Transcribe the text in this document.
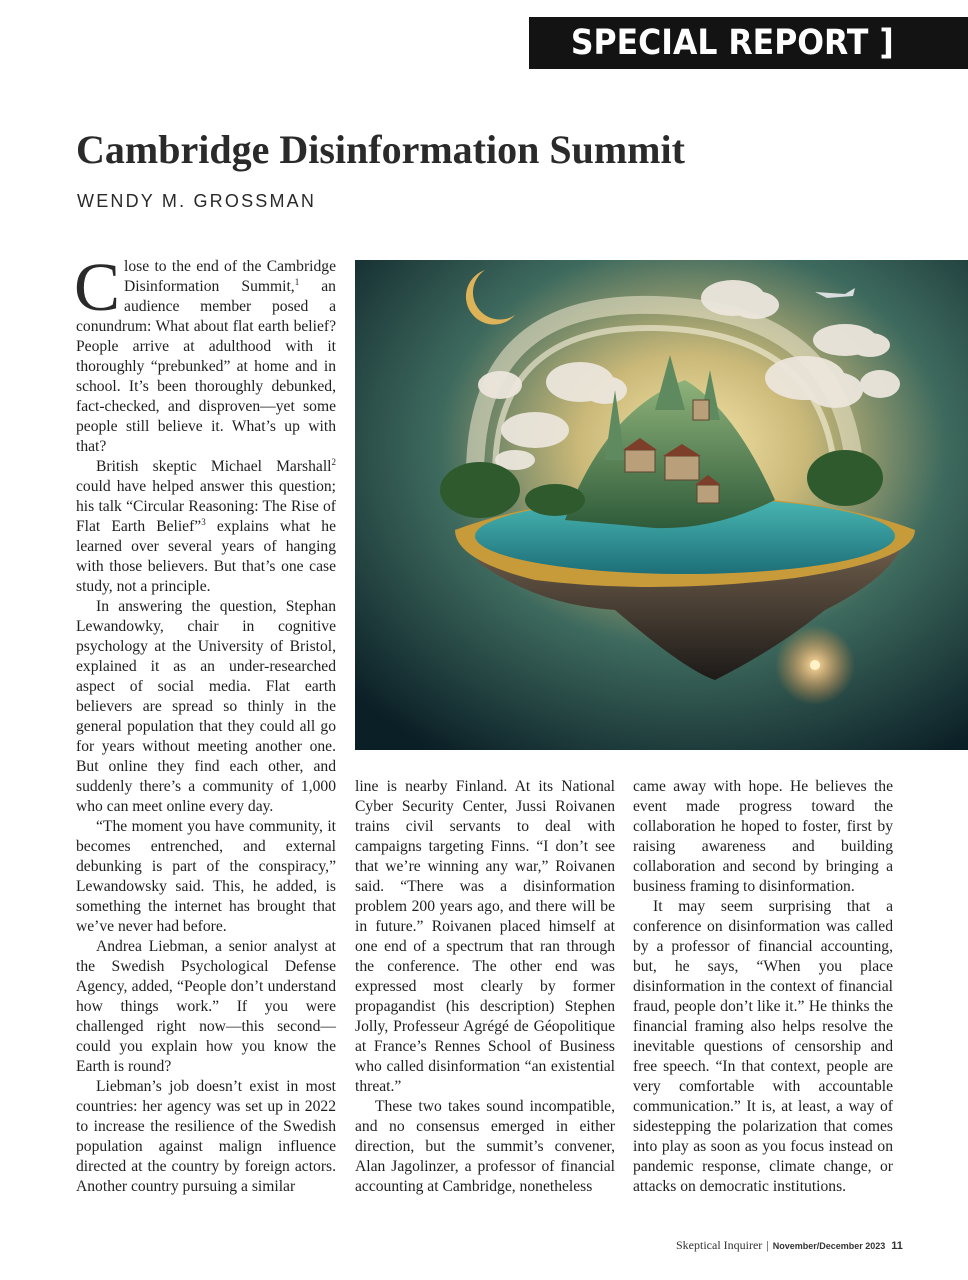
SPECIAL REPORT ]
Cambridge Disinformation Summit
WENDY M. GROSSMAN

Close to the end of the Cambridge Disinformation Summit,$^1$ an audience member posed a conundrum: What about flat earth belief? People arrive at adulthood with it thoroughly “prebunked” at home and in school. It’s been thoroughly debunked, fact-checked, and disproven—yet some people still believe it. What’s up with that?

British skeptic Michael Marshall$^2$ could have helped answer this question; his talk “Circular Reasoning: The Rise of Flat Earth Belief”$^3$ explains what he learned over several years of hanging with those believers. But that’s one case study, not a principle.

In answering the question, Stephan Lewandowky, chair in cognitive psychology at the University of Bristol, explained it as an under-researched aspect of social media. Flat earth believers are spread so thinly in the general population that they could all go for years without meeting another one. But online they find each other, and suddenly there’s a community of 1,000 who can meet online every day.

“The moment you have community, it becomes entrenched, and external debunking is part of the conspiracy,” Lewandowsky said. This, he added, is something the internet has brought that we’ve never had before.

Andrea Liebman, a senior analyst at the Swedish Psychological Defense Agency, added, “People don’t understand how things work.” If you were challenged right now—this second—could you explain how you know the Earth is round?

Liebman’s job doesn’t exist in most countries: her agency was set up in 2022 to increase the resilience of the Swedish population against malign influence directed at the country by foreign actors. Another country pursuing a similar

line is nearby Finland. At its National Cyber Security Center, Jussi Roivanen trains civil servants to deal with campaigns targeting Finns. “I don’t see that we’re winning any war,” Roivanen said. “There was a disinformation problem 200 years ago, and there will be in future.” Roivanen placed himself at one end of a spectrum that ran through the conference. The other end was expressed most clearly by former propagandist (his description) Stephen Jolly, Professeur Agrégé de Géopolitique at France’s Rennes School of Business who called disinformation “an existential threat.”

These two takes sound incompatible, and no consensus emerged in either direction, but the summit’s convener, Alan Jagolinzer, a professor of financial accounting at Cambridge, nonetheless

came away with hope. He believes the event made progress toward the collaboration he hoped to foster, first by raising awareness and building collaboration and second by bringing a business framing to disinformation.

It may seem surprising that a conference on disinformation was called by a professor of financial accounting, but, he says, “When you place disinformation in the context of financial fraud, people don’t like it.” He thinks the financial framing also helps resolve the inevitable questions of censorship and free speech. “In that context, people are very comfortable with accountable communication.” It is, at least, a way of sidestepping the polarization that comes into play as soon as you focus instead on pandemic response, climate change, or attacks on democratic institutions.

Skeptical Inquirer | November/December 2023 11
